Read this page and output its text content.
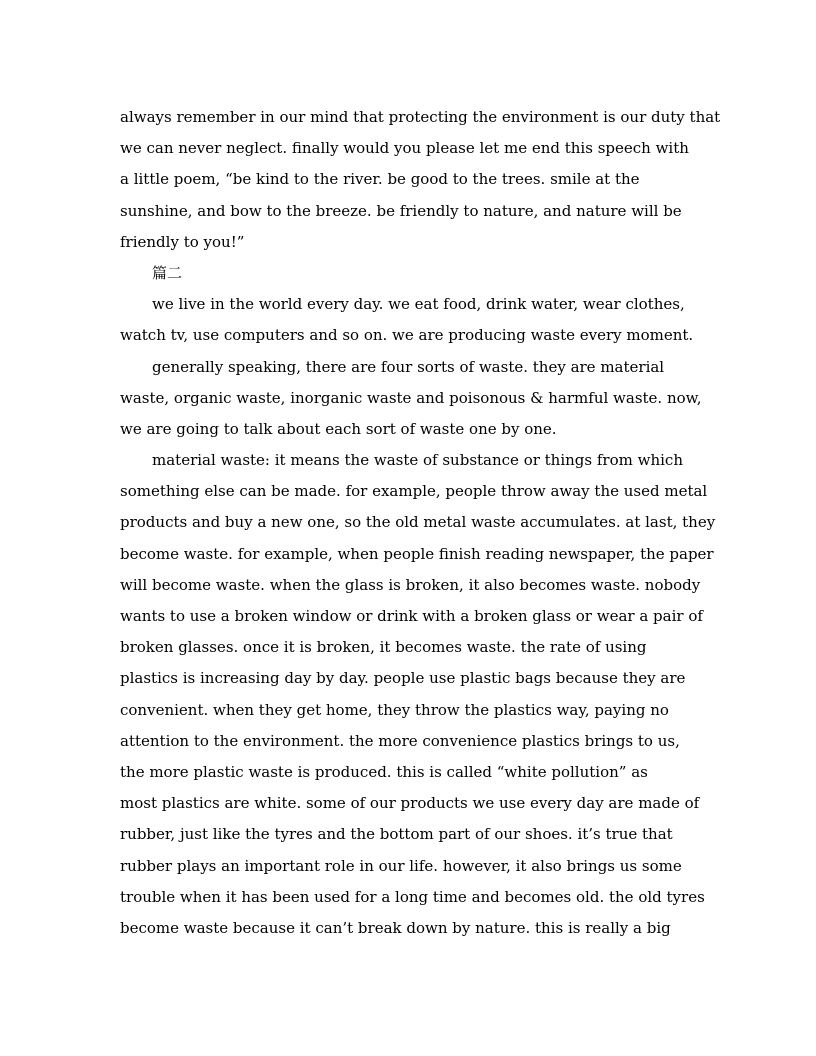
always remember in our mind that protecting the environment is our duty that
we can never neglect. finally would you please let me end this speech with
a little poem, “be kind to the river. be good to the trees. smile at the
sunshine, and bow to the breeze. be friendly to nature, and nature will be
friendly to you!”
篇二
we live in the world every day. we eat food, drink water, wear clothes,
watch tv, use computers and so on. we are producing waste every moment.
generally speaking, there are four sorts of waste. they are material
waste, organic waste, inorganic waste and poisonous & harmful waste. now,
we are going to talk about each sort of waste one by one.
material waste: it means the waste of substance or things from which
something else can be made. for example, people throw away the used metal
products and buy a new one, so the old metal waste accumulates. at last, they
become waste. for example, when people finish reading newspaper, the paper
will become waste. when the glass is broken, it also becomes waste. nobody
wants to use a broken window or drink with a broken glass or wear a pair of
broken glasses. once it is broken, it becomes waste. the rate of using
plastics is increasing day by day. people use plastic bags because they are
convenient. when they get home, they throw the plastics way, paying no
attention to the environment. the more convenience plastics brings to us,
the more plastic waste is produced. this is called “white pollution” as
most plastics are white. some of our products we use every day are made of
rubber, just like the tyres and the bottom part of our shoes. it’s true that
rubber plays an important role in our life. however, it also brings us some
trouble when it has been used for a long time and becomes old. the old tyres
become waste because it can’t break down by nature. this is really a big
